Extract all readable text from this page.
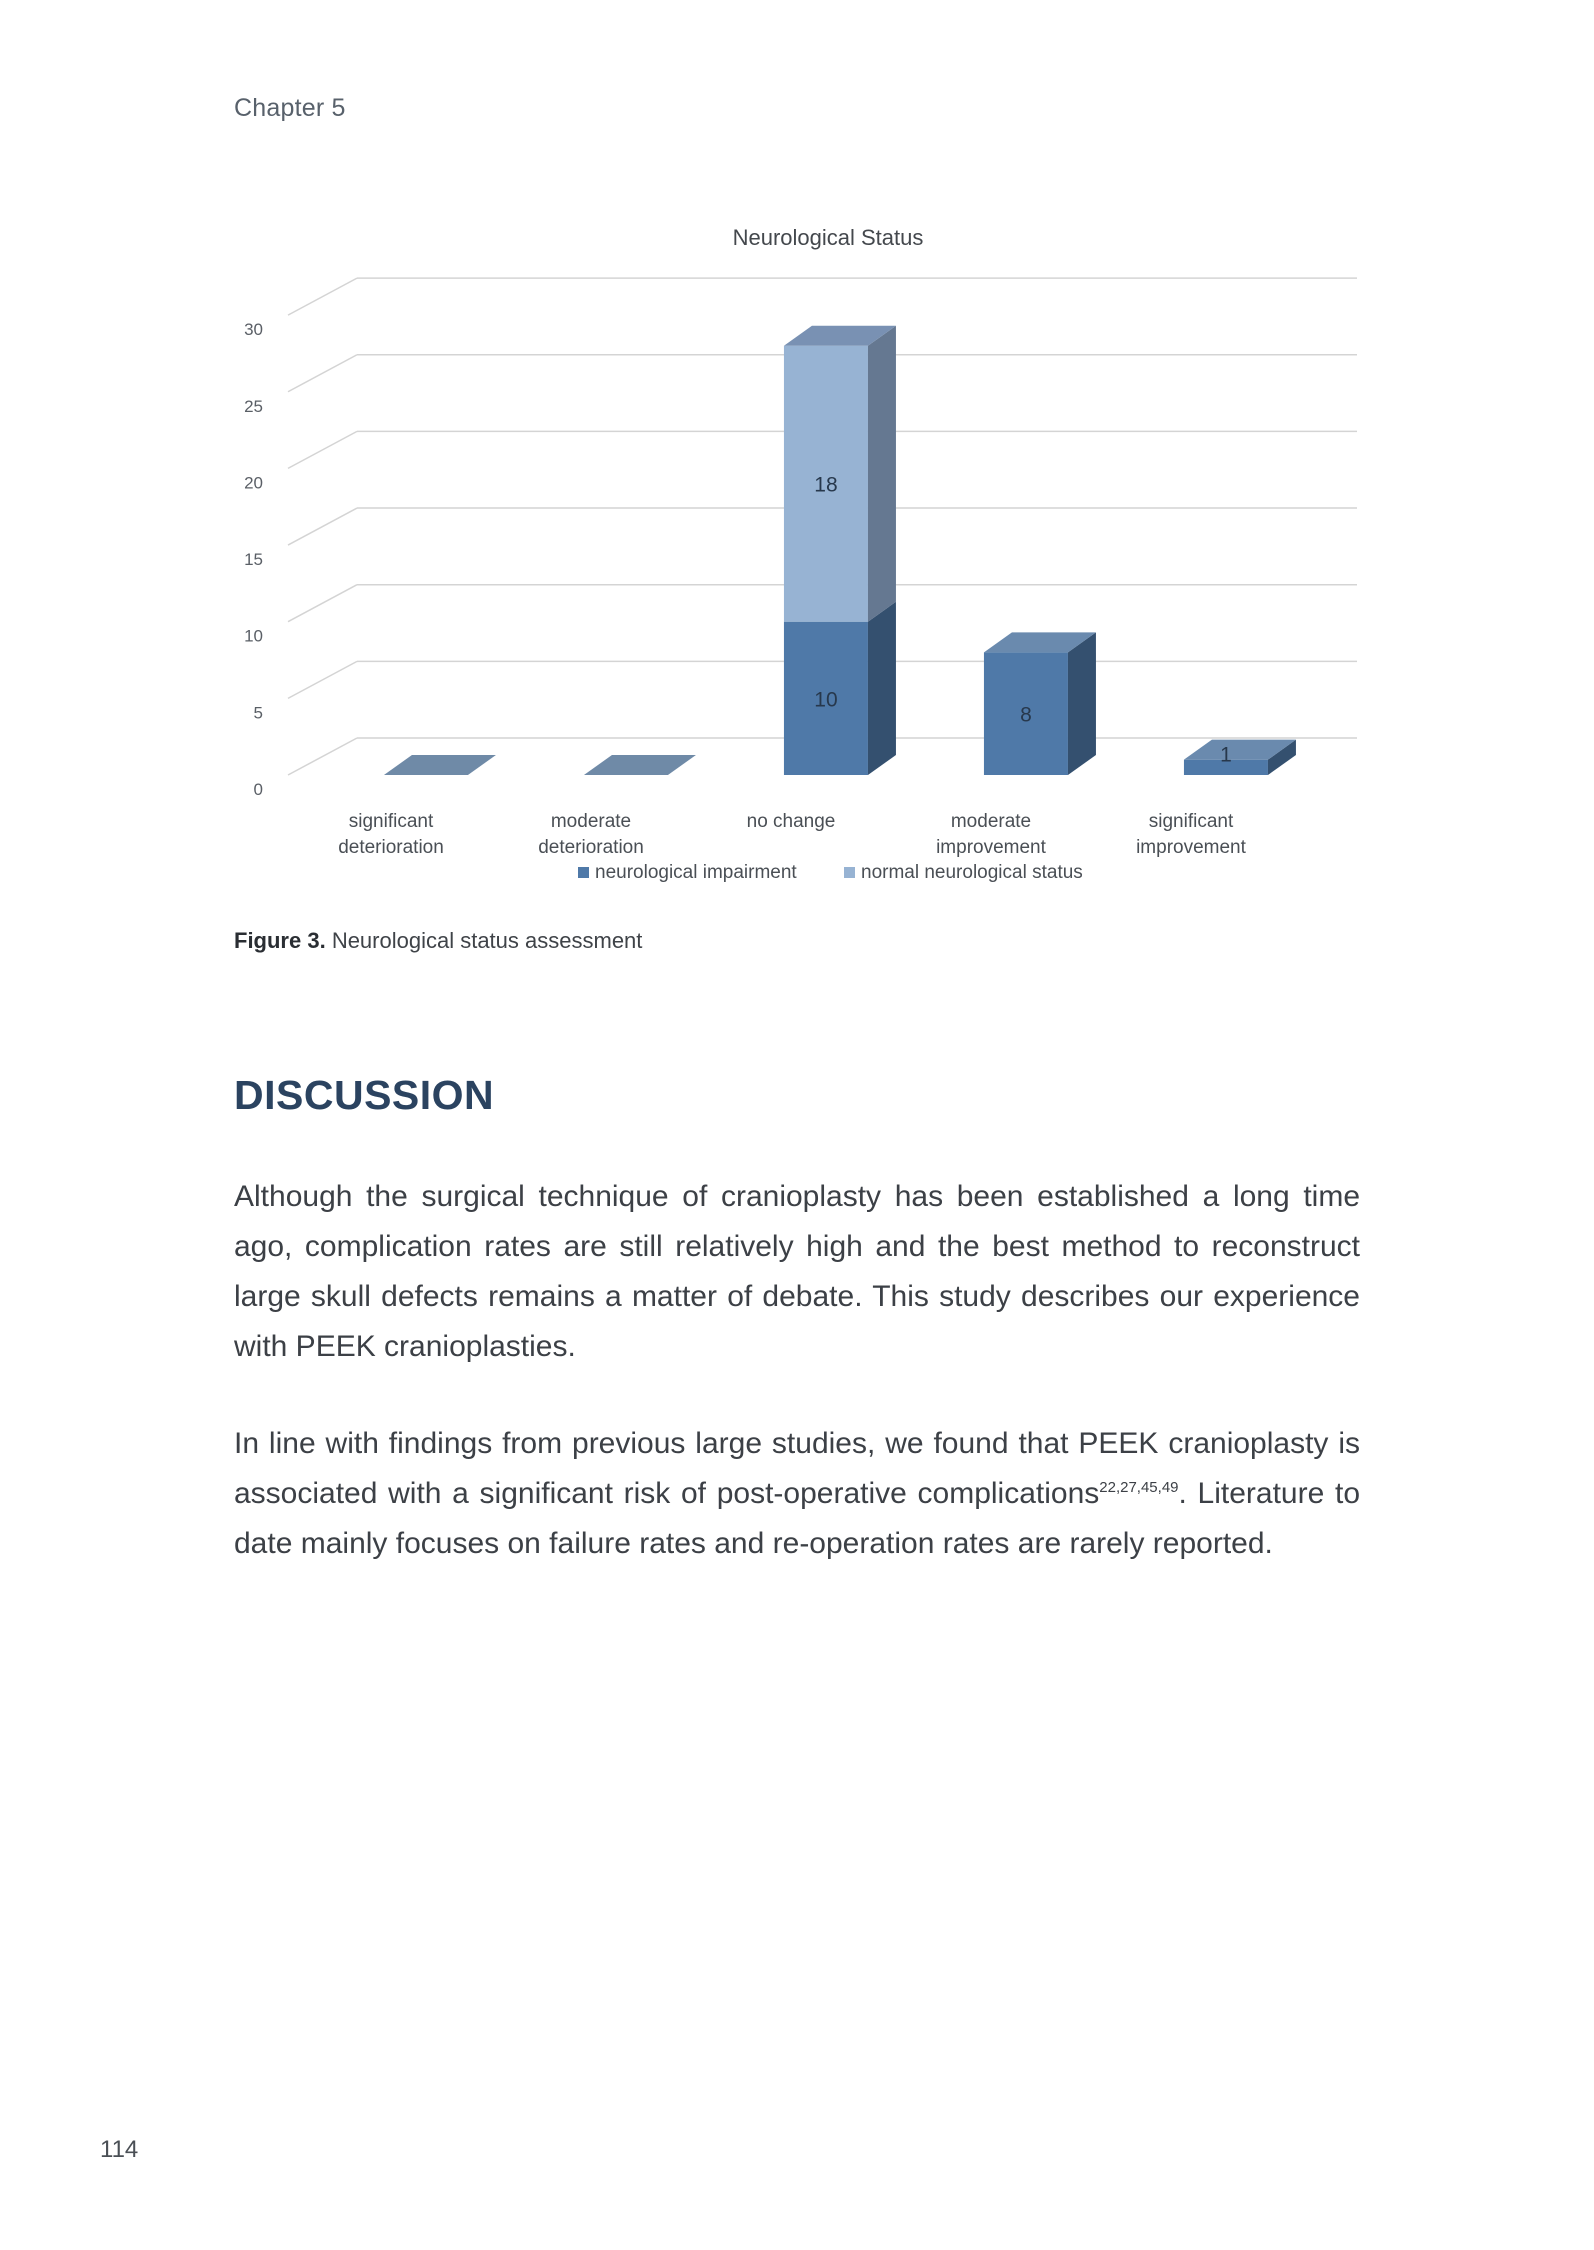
Chapter 5
Neurological Status
0
5
10
15
20
25
30
significant deterioration
moderate deterioration
no change	moderate improvement
significant improvement
10
18
8
1
neurological impairment	normal neurological status
Figure 3. Neurological status assessment
DISCUSSION

Although the surgical technique of cranioplasty has been established a long time ago, complication rates are still relatively high and the best method to reconstruct large skull defects remains a matter of debate. This study describes our experience with PEEK cranioplasties.

In line with findings from previous large studies, we found that PEEK cranioplasty is associated with a significant risk of post-operative complications$^{22,27,45,49}$. Literature to date mainly focuses on failure rates and re-operation rates are rarely reported.

114
